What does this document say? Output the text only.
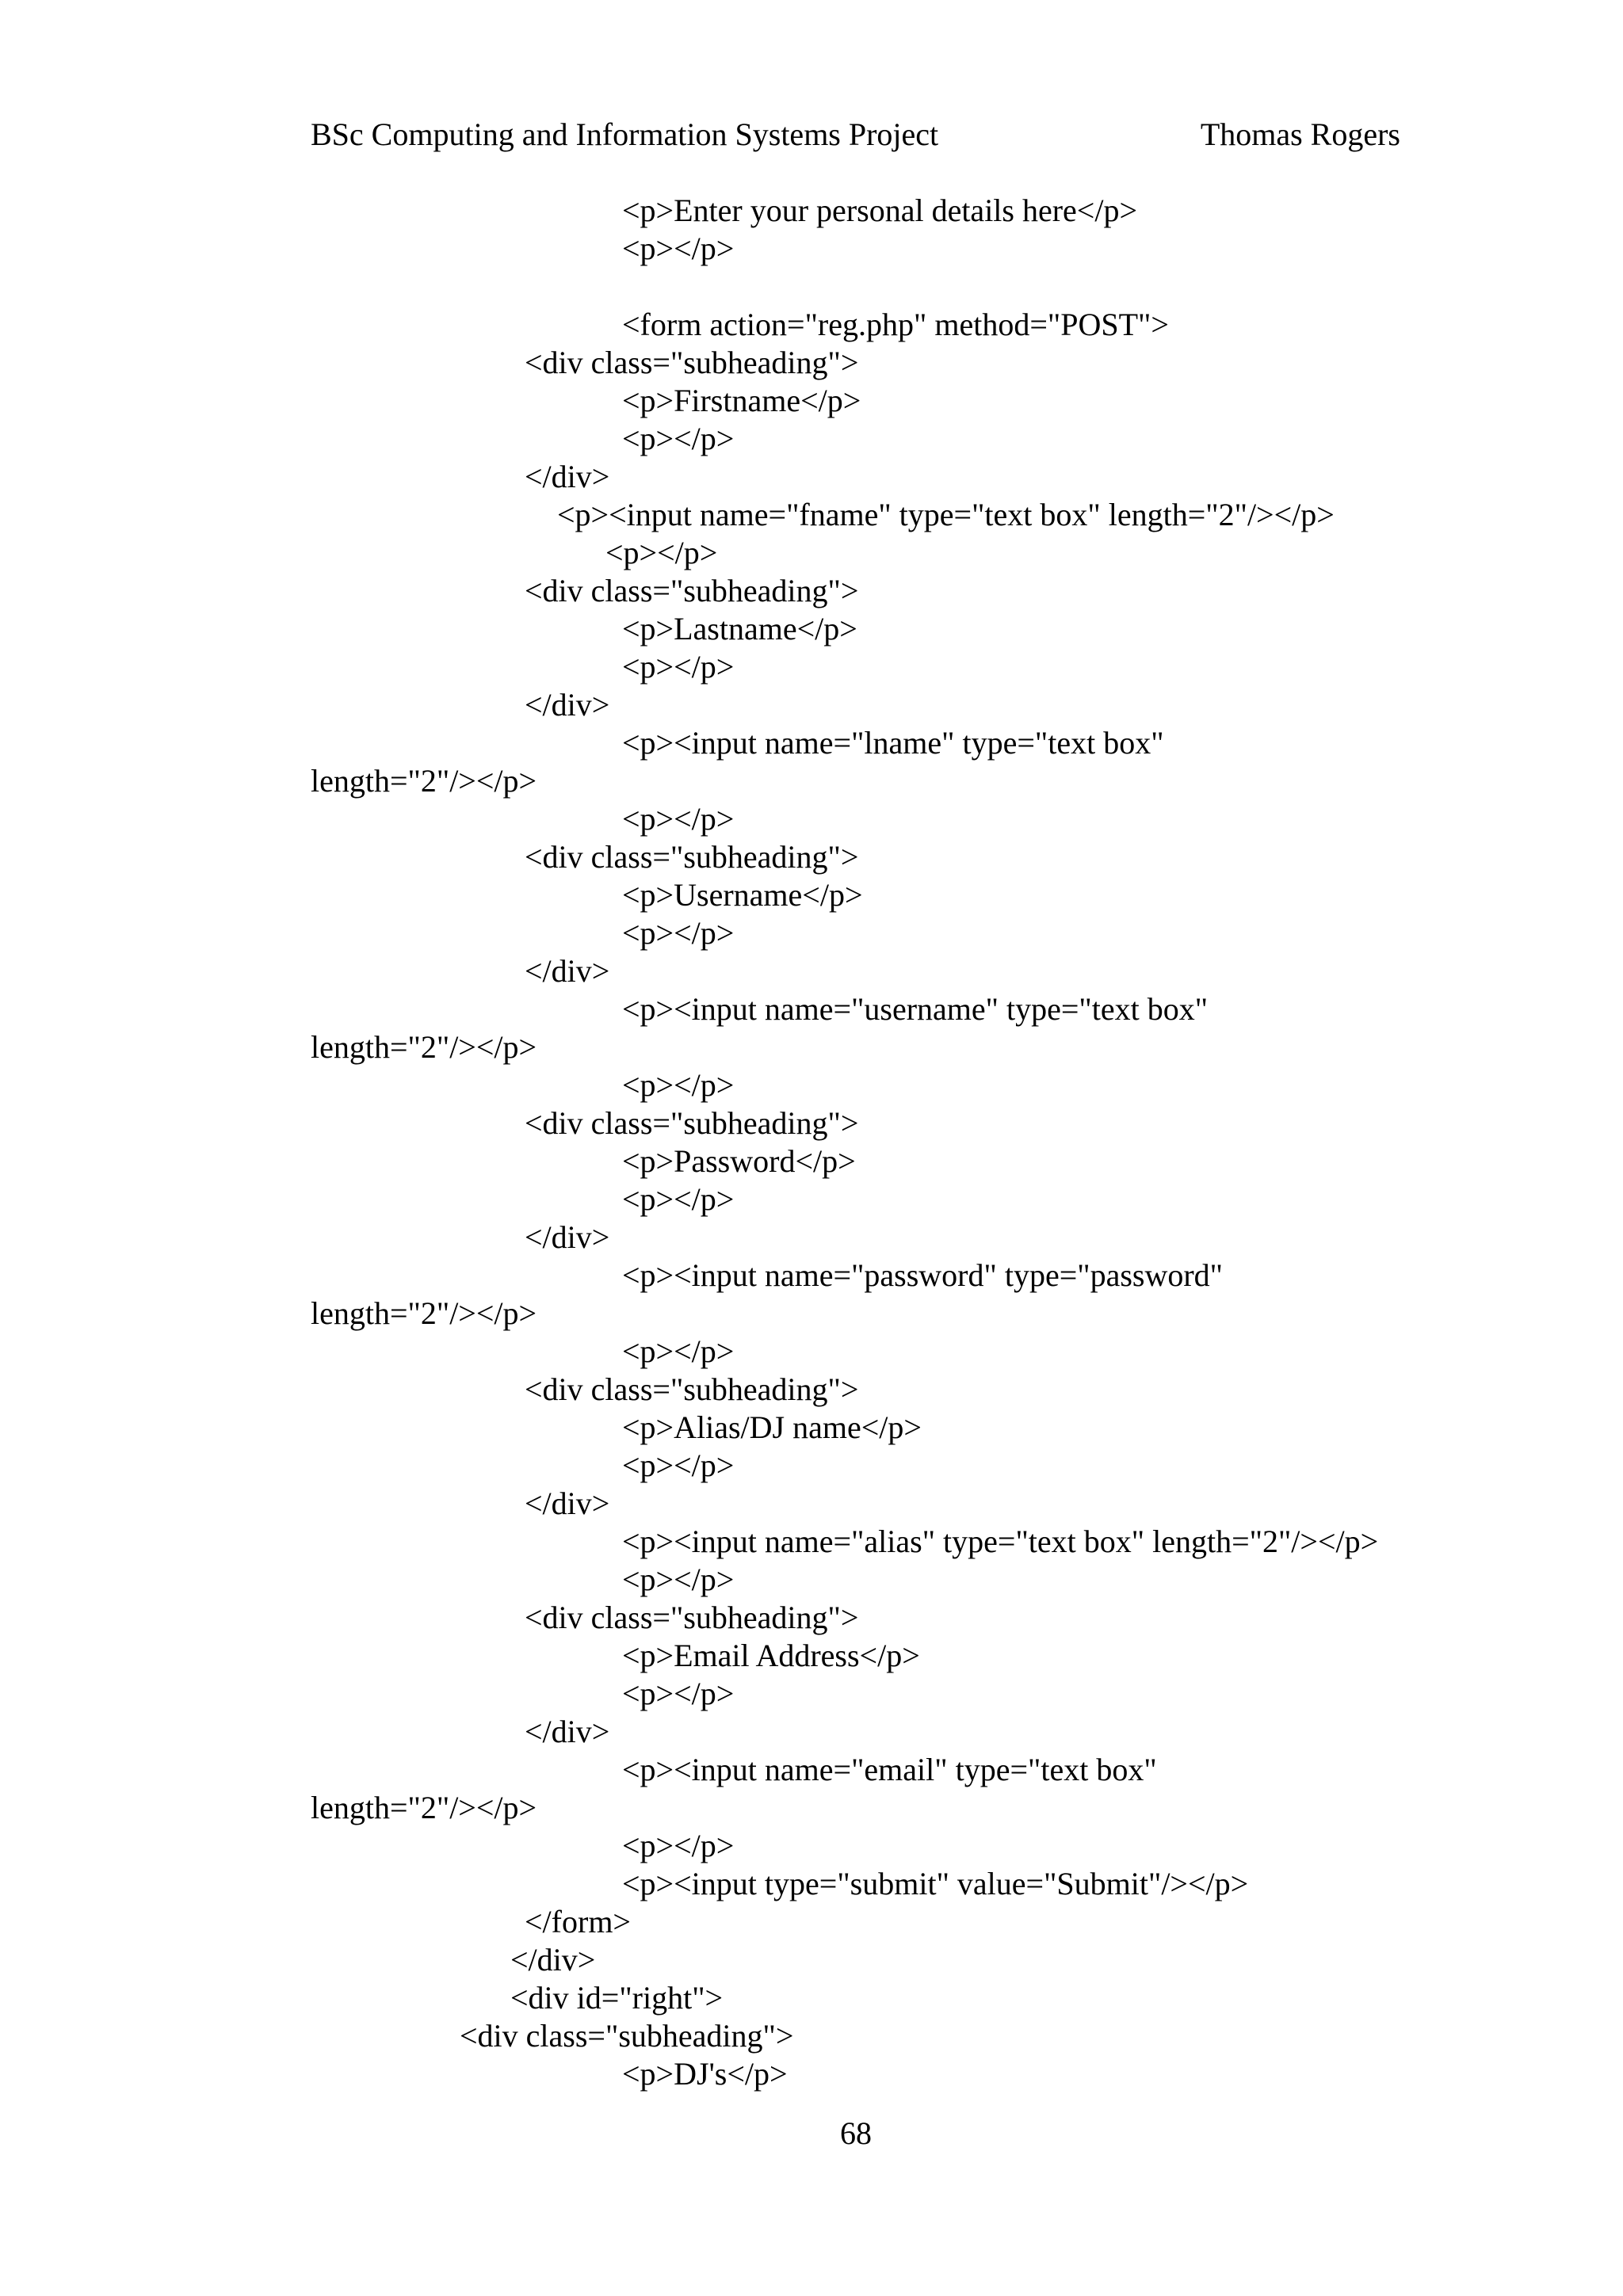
BSc Computing and Information Systems Project	Thomas Rogers
<p>Enter your personal details here</p>
<p></p>
<form action="reg.php" method="POST">
<div class="subheading">
<p>Firstname</p>
<p></p>
</div>
<p><input name="fname" type="text box" length="2"/></p>
<p></p>
<div class="subheading">
<p>Lastname</p>
<p></p>
</div>
<p><input name="lname" type="text box"
length="2"/></p>
<p></p>
<div class="subheading">
<p>Username</p>
<p></p>
</div>
<p><input name="username" type="text box"
length="2"/></p>
<p></p>
<div class="subheading">
<p>Password</p>
<p></p>
</div>
<p><input name="password" type="password"
length="2"/></p>
<p></p>
<div class="subheading">
<p>Alias/DJ name</p>
<p></p>
</div>
<p><input name="alias" type="text box" length="2"/></p>
<p></p>
<div class="subheading">
<p>Email Address</p>
<p></p>
</div>
<p><input name="email" type="text box"
length="2"/></p>
<p></p>
<p><input type="submit" value="Submit"/></p>
</form>
</div>
<div id="right">
<div class="subheading">
<p>DJ's</p>
68
